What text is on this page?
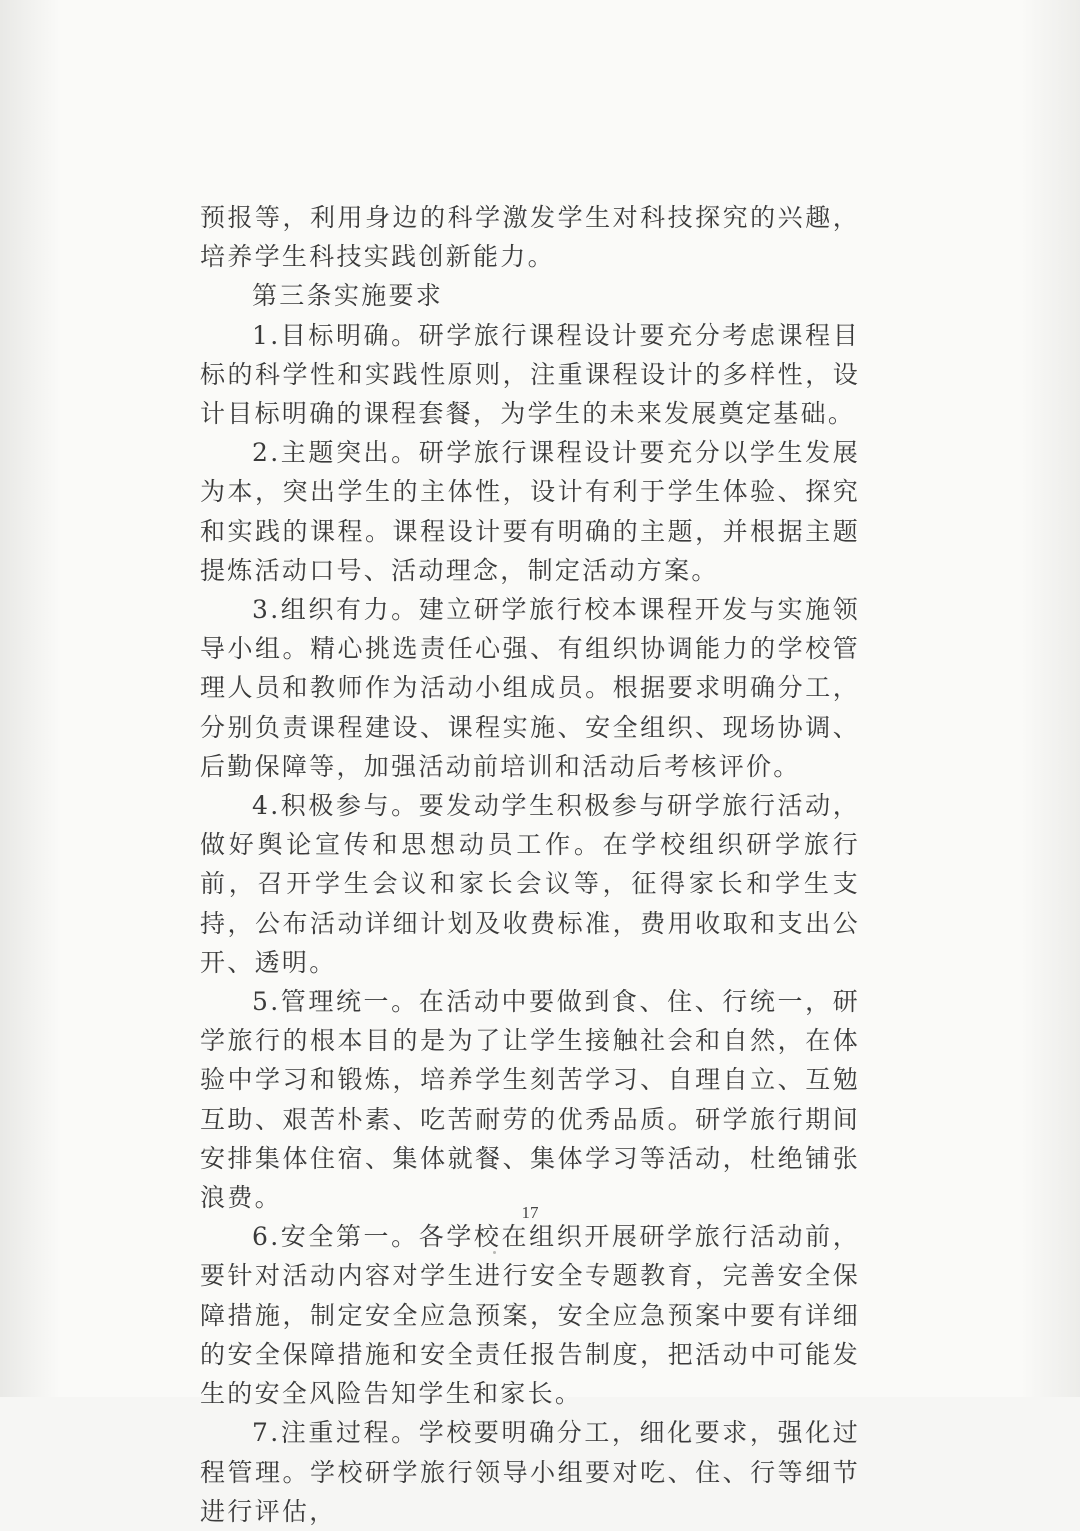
预报等，利用身边的科学激发学生对科技探究的兴趣，培养学生科技实践创新能力。

第三条实施要求

1.目标明确。研学旅行课程设计要充分考虑课程目标的科学性和实践性原则，注重课程设计的多样性，设计目标明确的课程套餐，为学生的未来发展奠定基础。

2.主题突出。研学旅行课程设计要充分以学生发展为本，突出学生的主体性，设计有利于学生体验、探究和实践的课程。课程设计要有明确的主题，并根据主题提炼活动口号、活动理念，制定活动方案。

3.组织有力。建立研学旅行校本课程开发与实施领导小组。精心挑选责任心强、有组织协调能力的学校管理人员和教师作为活动小组成员。根据要求明确分工，分别负责课程建设、课程实施、安全组织、现场协调、后勤保障等，加强活动前培训和活动后考核评价。

4.积极参与。要发动学生积极参与研学旅行活动，做好舆论宣传和思想动员工作。在学校组织研学旅行前，召开学生会议和家长会议等，征得家长和学生支持，公布活动详细计划及收费标准，费用收取和支出公开、透明。

5.管理统一。在活动中要做到食、住、行统一，研学旅行的根本目的是为了让学生接触社会和自然，在体验中学习和锻炼，培养学生刻苦学习、自理自立、互勉互助、艰苦朴素、吃苦耐劳的优秀品质。研学旅行期间安排集体住宿、集体就餐、集体学习等活动，杜绝铺张浪费。

6.安全第一。各学校在组织开展研学旅行活动前，要针对活动内容对学生进行安全专题教育，完善安全保障措施，制定安全应急预案，安全应急预案中要有详细的安全保障措施和安全责任报告制度，把活动中可能发生的安全风险告知学生和家长。

7.注重过程。学校要明确分工，细化要求，强化过程管理。学校研学旅行领导小组要对吃、住、行等细节进行评估，

17
